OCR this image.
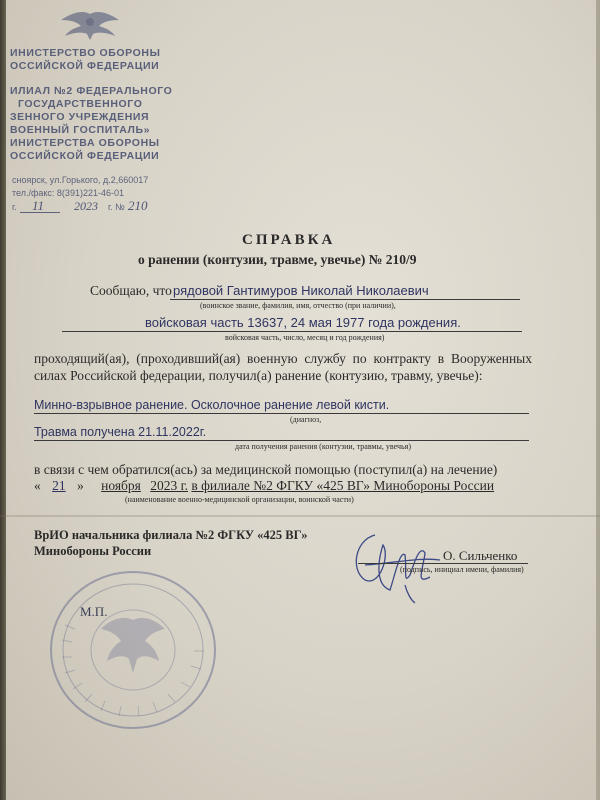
ИНИСТЕРСТВО ОБОРОНЫ
ОССИЙСКОЙ ФЕДЕРАЦИИ
ИЛИАЛ №2 ФЕДЕРАЛЬНОГО
ГОСУДАРСТВЕННОГО
ЗЕННОГО УЧРЕЖДЕНИЯ
ВОЕННЫЙ ГОСПИТАЛЬ»
ИНИСТЕРСТВА ОБОРОНЫ
ОССИЙСКОЙ ФЕДЕРАЦИИ
сноярск, ул.Горького, д.2,660017
тел./факс: 8(391)221-46-01
г. 11 2023 г. № 210
СПРАВКА
о ранении (контузии, травме, увечье) № 210/9
Сообщаю, что рядовой Гантимуров Николай Николаевич
(воинское звание, фамилия, имя, отчество (при наличии),
войсковая часть 13637, 24 мая 1977 года рождения.
войсковая часть, число, месяц и год рождения)
проходящий(ая), (проходивший(ая) военную службу по контракту в Вооруженных силах Российской федерации, получил(а) ранение (контузию, травму, увечье):
Минно-взрывное ранение. Осколочное ранение левой кисти.
(диагноз,
Травма получена 21.11.2022г.
дата получения ранения (контузии, травмы, увечья)
в связи с чем обратился(ась) за медицинской помощью (поступил(а) на лечение)
« 21 » ноября 2023 г. в филиале №2 ФГКУ «425 ВГ» Минобороны России
(наименование военно-медицинской организации, воинской части)
ВрИО начальника филиала №2 ФГКУ «425 ВГ»
Минобороны России	О. Сильченко
(подпись, инициал имени, фамилия)
М.П.
